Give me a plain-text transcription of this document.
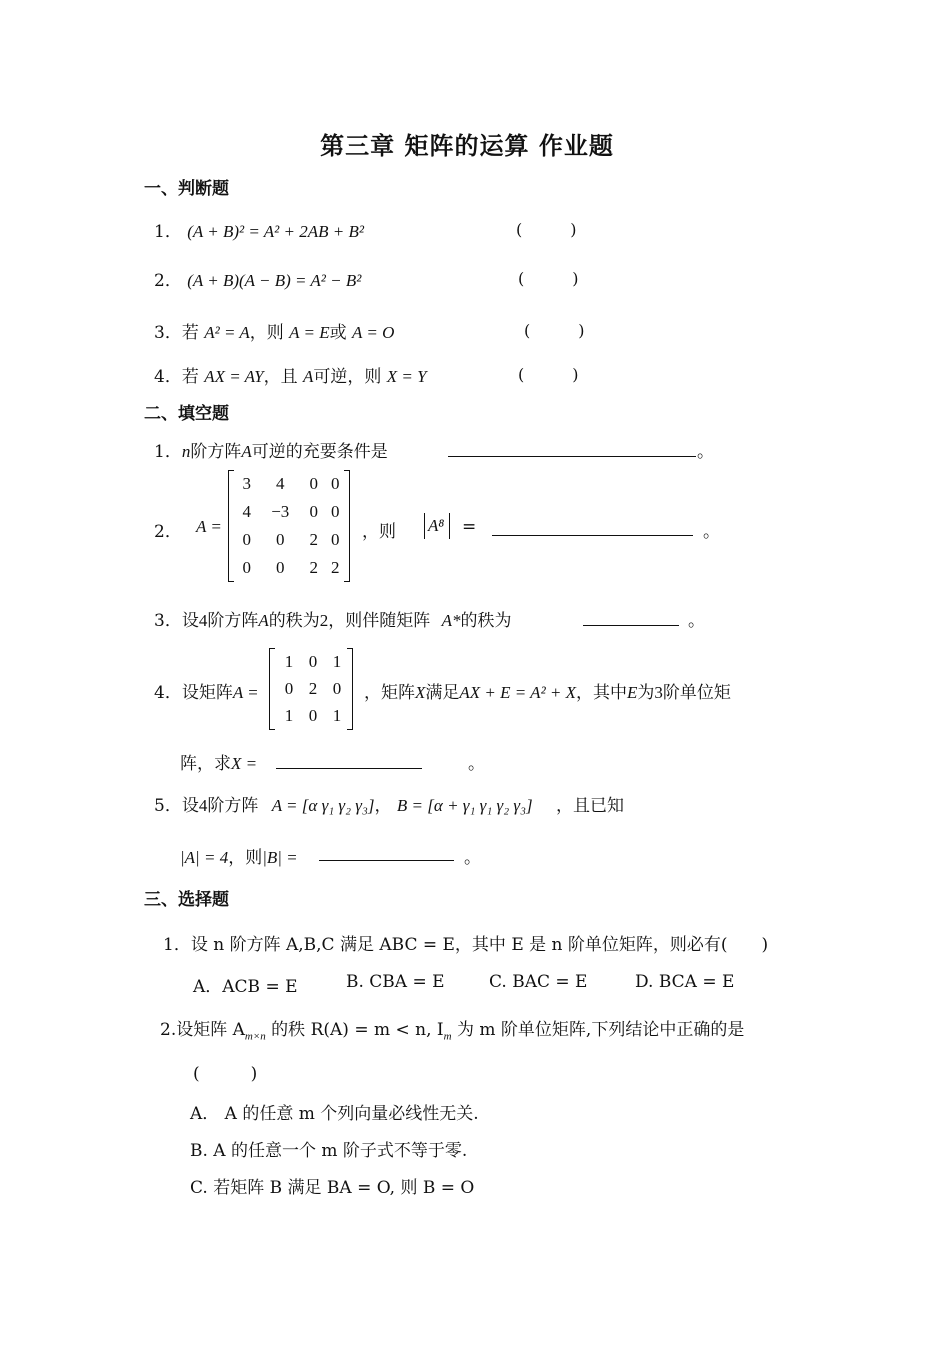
第三章 矩阵的运算 作业题
一、判断题
1． (A + B)² = A² + 2AB + B²	(　　　)
2． (A + B)(A − B) = A² − B²	(　　　)
3．若 A² = A，则 A = E或 A = O	(　　　)
4．若 AX = AY，且 A可逆，则 X = Y	(　　　)
二、填空题
1．n阶方阵A可逆的充要条件是	。
2． A =
3	4	0	0
4	−3	0	0
0	0	2	0
0	0	2	2
，则 A⁸ =	。
3．设4阶方阵A的秩为2，则伴随矩阵 A*的秩为	。
4．设矩阵A =
1	0	1
0	2	0
1	0	1
，矩阵X满足AX + E = A² + X，其中E为3阶单位矩
阵，求X =	。
5．设4阶方阵 A = [α γ₁ γ₂ γ₃]， B = [α + γ₁ γ₁ γ₂ γ₃] ，且已知
|A| = 4，则|B| =	。
三、选择题
1．设 n 阶方阵 A,B,C 满足 ABC = E，其中 E 是 n 阶单位矩阵，则必有(　　)
A．ACB = E	B. CBA = E	C. BAC = E	D. BCA = E
2.设矩阵 $A_{m\times n}$ 的秩 R(A) = m < n, $I_m$ 为 m 阶单位矩阵,下列结论中正确的是
(　　　)
A． A 的任意 m 个列向量必线性无关.
B. A 的任意一个 m 阶子式不等于零.
C. 若矩阵 B 满足 BA = O, 则 B = O
